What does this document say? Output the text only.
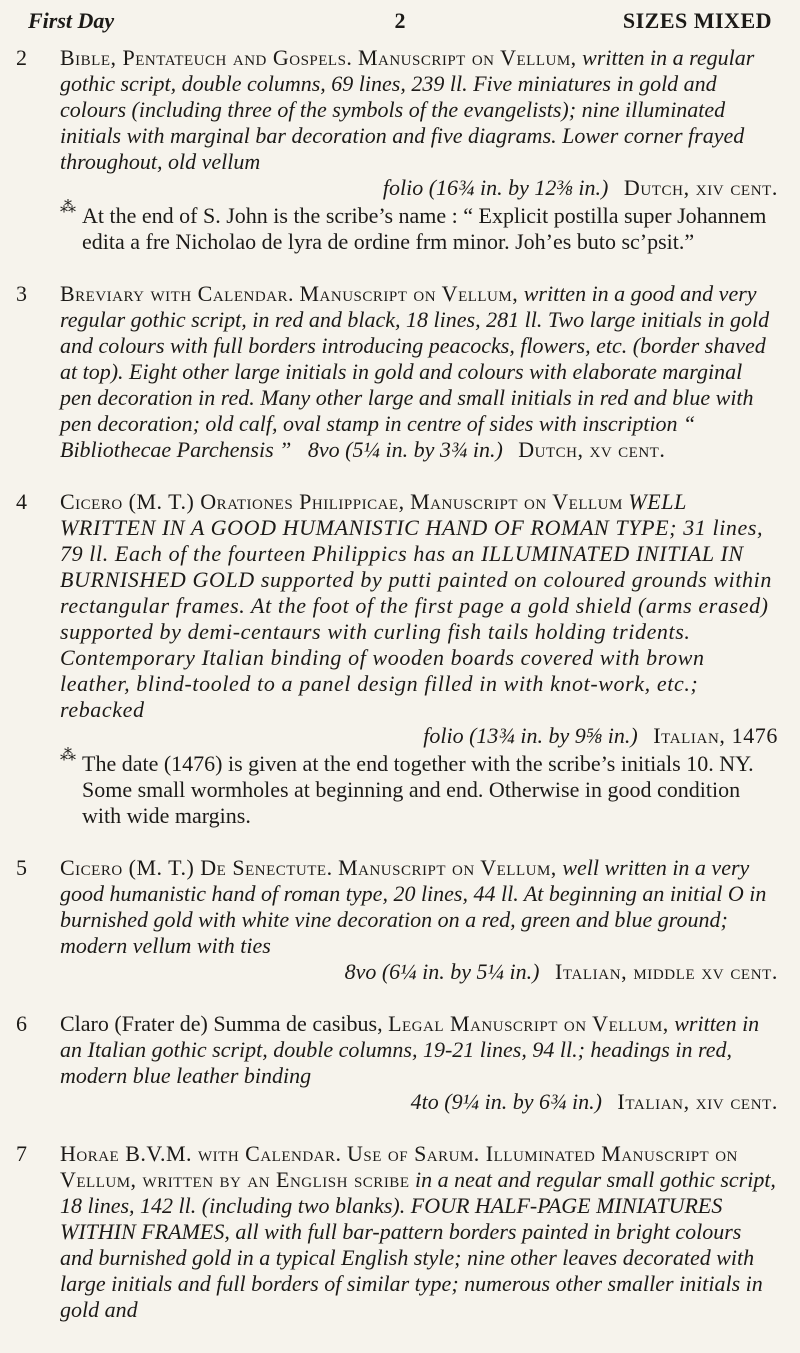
First Day	2	SIZES MIXED
2 Bible, Pentateuch and Gospels. Manuscript on Vellum, written in a regular gothic script, double columns, 69 lines, 239 ll. Five miniatures in gold and colours (including three of the symbols of the evangelists); nine illuminated initials with marginal bar decoration and five diagrams. Lower corner frayed throughout, old vellum
folio (16¾ in. by 12⅜ in.) Dutch, xiv cent.
⁂ At the end of S. John is the scribe’s name : “ Explicit postilla super Johannem edita a fre Nicholao de lyra de ordine frm minor. Joh’es buto sc’psit.”
3 Breviary with Calendar. Manuscript on Vellum, written in a good and very regular gothic script, in red and black, 18 lines, 281 ll. Two large initials in gold and colours with full borders introducing peacocks, flowers, etc. (border shaved at top). Eight other large initials in gold and colours with elaborate marginal pen decoration in red. Many other large and small initials in red and blue with pen decoration; old calf, oval stamp in centre of sides with inscription “ Bibliothecae Parchensis ” 8vo (5¼ in. by 3¾ in.) Dutch, xv cent.
4 Cicero (M. T.) Orationes Philippicae, Manuscript on Vellum WELL WRITTEN IN A GOOD HUMANISTIC HAND OF ROMAN TYPE; 31 lines, 79 ll. Each of the fourteen Philippics has an ILLUMINATED INITIAL IN BURNISHED GOLD supported by putti painted on coloured grounds within rectangular frames. At the foot of the first page a gold shield (arms erased) supported by demi-centaurs with curling fish tails holding tridents. Contemporary Italian binding of wooden boards covered with brown leather, blind-tooled to a panel design filled in with knot-work, etc.; rebacked
folio (13¾ in. by 9⅝ in.) Italian, 1476
⁂ The date (1476) is given at the end together with the scribe’s initials 10. NY. Some small wormholes at beginning and end. Otherwise in good condition with wide margins.
5 Cicero (M. T.) De Senectute. Manuscript on Vellum, well written in a very good humanistic hand of roman type, 20 lines, 44 ll. At beginning an initial O in burnished gold with white vine decoration on a red, green and blue ground; modern vellum with ties
8vo (6¼ in. by 5¼ in.) Italian, middle xv cent.
6 Claro (Frater de) Summa de casibus, Legal Manuscript on Vellum, written in an Italian gothic script, double columns, 19-21 lines, 94 ll.; headings in red, modern blue leather binding
4to (9¼ in. by 6¾ in.) Italian, xiv cent.
7 Horae B.V.M. with Calendar. Use of Sarum. Illuminated Manuscript on Vellum, written by an English scribe in a neat and regular small gothic script, 18 lines, 142 ll. (including two blanks). FOUR HALF-PAGE MINIATURES WITHIN FRAMES, all with full bar-pattern borders painted in bright colours and burnished gold in a typical English style; nine other leaves decorated with large initials and full borders of similar type; numerous other smaller initials in gold and
